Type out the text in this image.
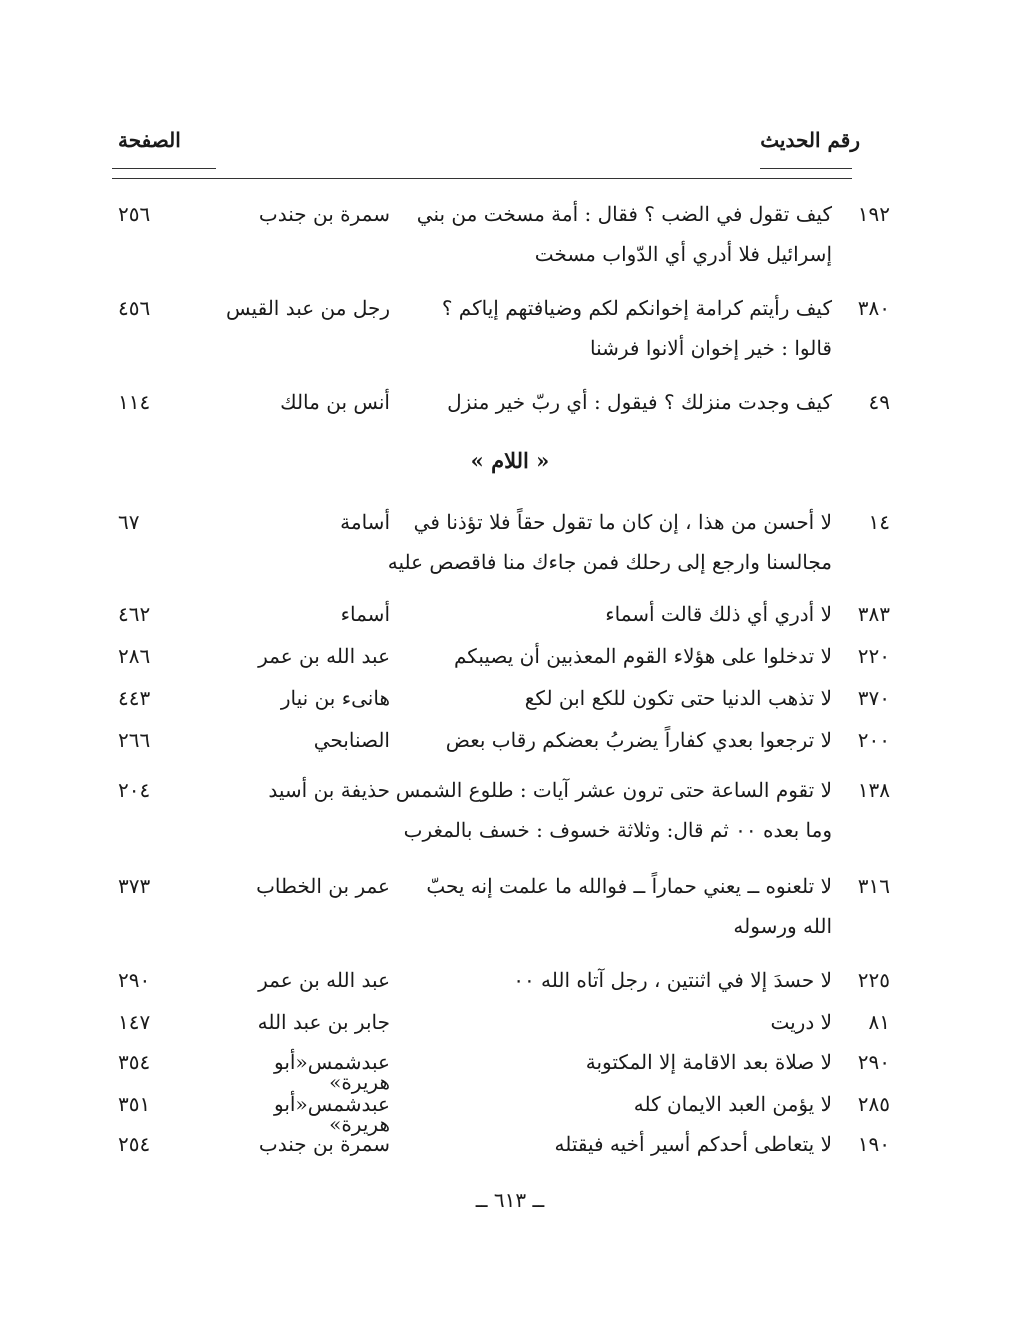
رقم الحديث
الصفحة
١٩٢
كيف تقول في الضب ؟ فقال : أمة مسخت من بني
إسرائيل فلا أدري أي الدّواب مسخت
سمرة بن جندب
٢٥٦
٣٨٠
كيف رأيتم كرامة إخوانكم لكم وضيافتهم إياكم ؟
قالوا : خير إخوان ألانوا فرشنا
رجل من عبد القيس
٤٥٦
٤٩
كيف وجدت منزلك ؟ فيقول : أي ربّ خير منزل
أنس بن مالك
١١٤
« اللام »
١٤
لا أحسن من هذا ، إن كان ما تقول حقاً فلا تؤذنا في
مجالسنا وارجع إلى رحلك فمن جاءك منا فاقصص عليه
أسامة
٦٧
٣٨٣
لا أدري أي ذلك قالت أسماء
أسماء
٤٦٢
٢٢٠
لا تدخلوا على هؤلاء القوم المعذبين أن يصيبكم
عبد الله بن عمر
٢٨٦
٣٧٠
لا تذهب الدنيا حتى تكون للكع ابن لكع
هانىء بن نيار
٤٤٣
٢٠٠
لا ترجعوا بعدي كفاراً يضربُ بعضكم رقاب بعض
الصنابحي
٢٦٦
١٣٨
لا تقوم الساعة حتى ترون عشر آيات : طلوع الشمس
وما بعده ٠٠ ثم قال: وثلاثة خسوف : خسف بالمغرب
حذيفة بن أسيد
٢٠٤
٣١٦
لا تلعنوه ــ يعني حماراً ــ فوالله ما علمت إنه يحبّ
الله ورسوله
عمر بن الخطاب
٣٧٣
٢٢٥
لا حسدَ إلا في اثنتين ، رجل آتاه الله ٠٠
عبد الله بن عمر
٢٩٠
٨١
لا دريت
جابر بن عبد الله
١٤٧
٢٩٠
لا صلاة بعد الاقامة إلا المكتوبة
عبدشمس«أبو هريرة»
٣٥٤
٢٨٥
لا يؤمن العبد الايمان كله
عبدشمس«أبو هريرة»
٣٥١
١٩٠
لا يتعاطى أحدكم أسير أخيه فيقتله
سمرة بن جندب
٢٥٤
ــ ٦١٣ ــ
